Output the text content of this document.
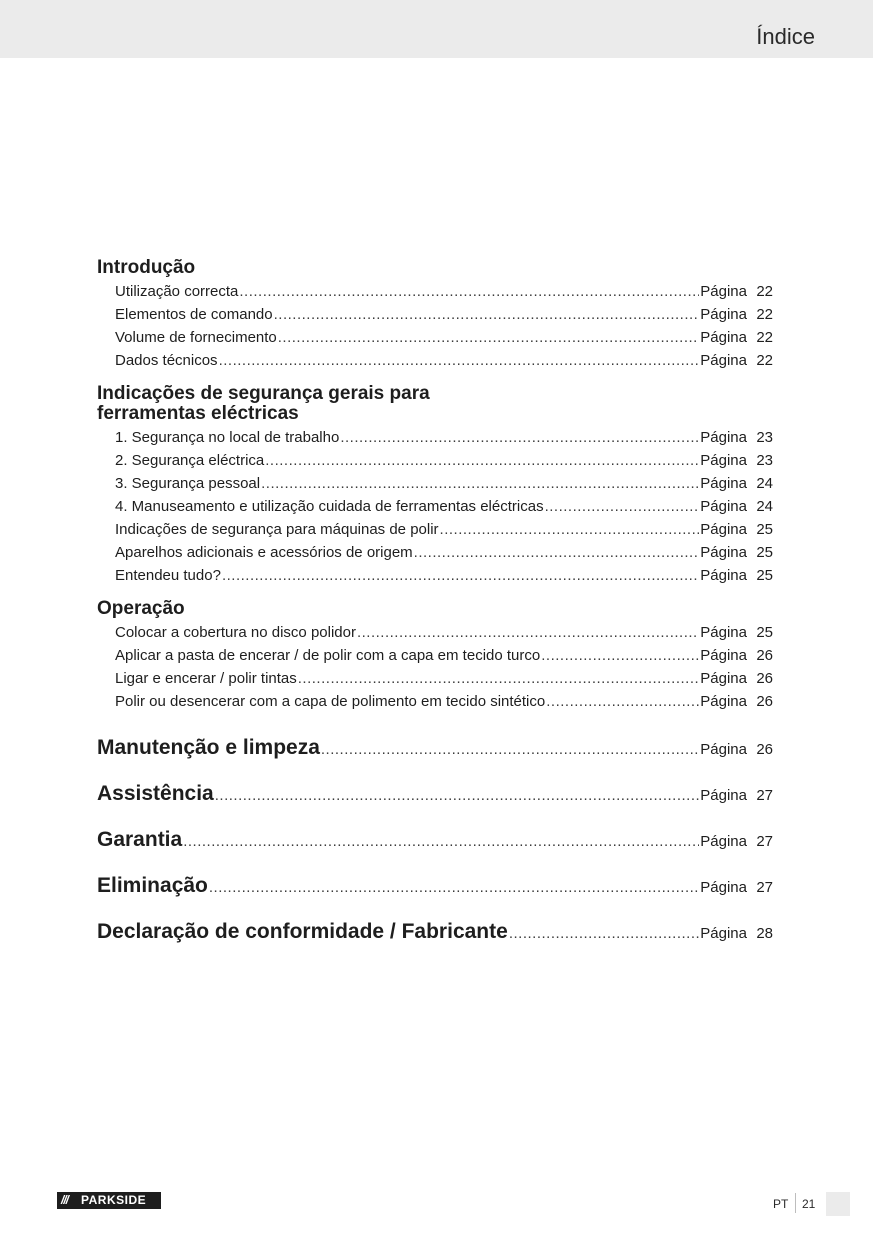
Índice
Introdução
Utilização correcta .....	Página 22
Elementos de comando .....	Página 22
Volume de fornecimento .....	Página 22
Dados técnicos .....	Página 22
Indicações de segurança gerais para
ferramentas eléctricas
1. Segurança no local de trabalho .....	Página 23
2. Segurança eléctrica .....	Página 23
3. Segurança pessoal .....	Página 24
4. Manuseamento e utilização cuidada de ferramentas eléctricas .....	Página 24
Indicações de segurança para máquinas de polir .....	Página 25
Aparelhos adicionais e acessórios de origem .....	Página 25
Entendeu tudo? .....	Página 25
Operação
Colocar a cobertura no disco polidor .....	Página 25
Aplicar a pasta de encerar / de polir com a capa em tecido turco .....	Página 26
Ligar e encerar / polir tintas .....	Página 26
Polir ou desencerar com a capa de polimento em tecido sintético .....	Página 26
Manutenção e limpeza .....	Página 26
Assistência .....	Página 27
Garantia .....	Página 27
Eliminação .....	Página 27
Declaração de conformidade / Fabricante .....	Página 28
///	PARKSIDE	PT 21
